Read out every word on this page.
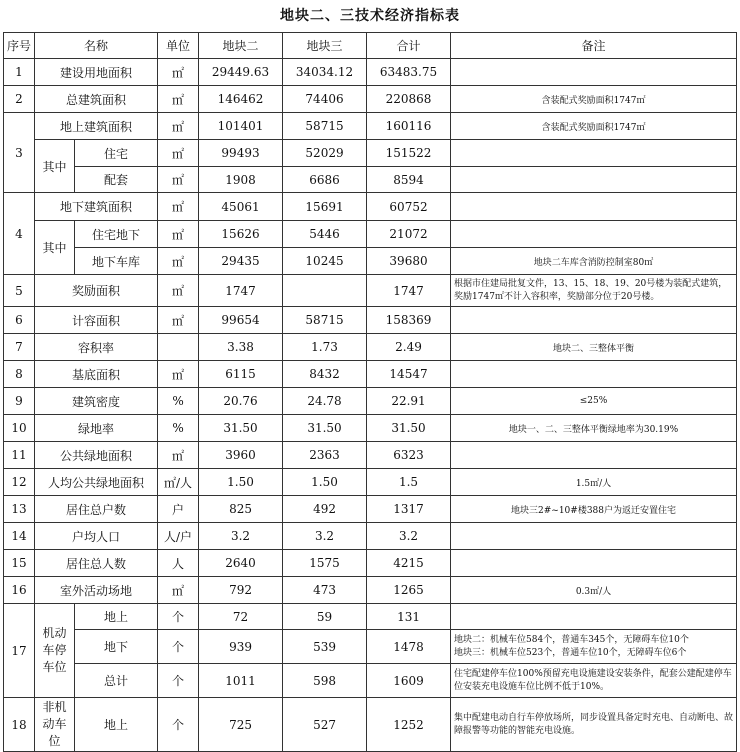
地块二、三技术经济指标表
序号	名称		单位	地块二	地块三	合计	备注
1	建设用地面积		㎡	29449.63	34034.12	63483.75	
2	总建筑面积		㎡	146462	74406	220868	含装配式奖励面积1747㎡
3	地上建筑面积		㎡	101401	58715	160116	含装配式奖励面积1747㎡
	其中	住宅	㎡	99493	52029	151522	
		配套	㎡	1908	6686	8594	
4	地下建筑面积		㎡	45061	15691	60752	
	其中	住宅地下	㎡	15626	5446	21072	
		地下车库	㎡	29435	10245	39680	地块二车库含消防控制室80㎡
5	奖励面积		㎡	1747		1747	根据市住建局批复文件，13、15、18、19、20号楼为装配式建筑，奖励1747㎡不计入容积率，奖励部分位于20号楼。
6	计容面积		㎡	99654	58715	158369	
7	容积率			3.38	1.73	2.49	地块二、三整体平衡
8	基底面积		㎡	6115	8432	14547	
9	建筑密度		%	20.76	24.78	22.91	≤25%
10	绿地率		%	31.50	31.50	31.50	地块一、二、三整体平衡绿地率为30.19%
11	公共绿地面积		㎡	3960	2363	6323	
12	人均公共绿地面积		㎡/人	1.50	1.50	1.5	1.5㎡/人
13	居住总户数		户	825	492	1317	地块三2#~10#楼388户为返迁安置住宅
14	户均人口		人/户	3.2	3.2	3.2	
15	居住总人数		人	2640	1575	4215	
16	室外活动场地		㎡	792	473	1265	0.3㎡/人
17	机动车停车位	地上	个	72	59	131	
		地下	个	939	539	1478	地块二：机械车位584个，普通车345个，无障碍车位10个
地块三：机械车位523个，普通车位10个，无障碍车位6个
		总计	个	1011	598	1609	住宅配建停车位100%预留充电设施建设安装条件，配套公建配建停车位安装充电设施车位比例不低于10%。
18	非机动车位	地上	个	725	527	1252	集中配建电动自行车停放场所，同步设置具备定时充电、自动断电、故障报警等功能的智能充电设施。
